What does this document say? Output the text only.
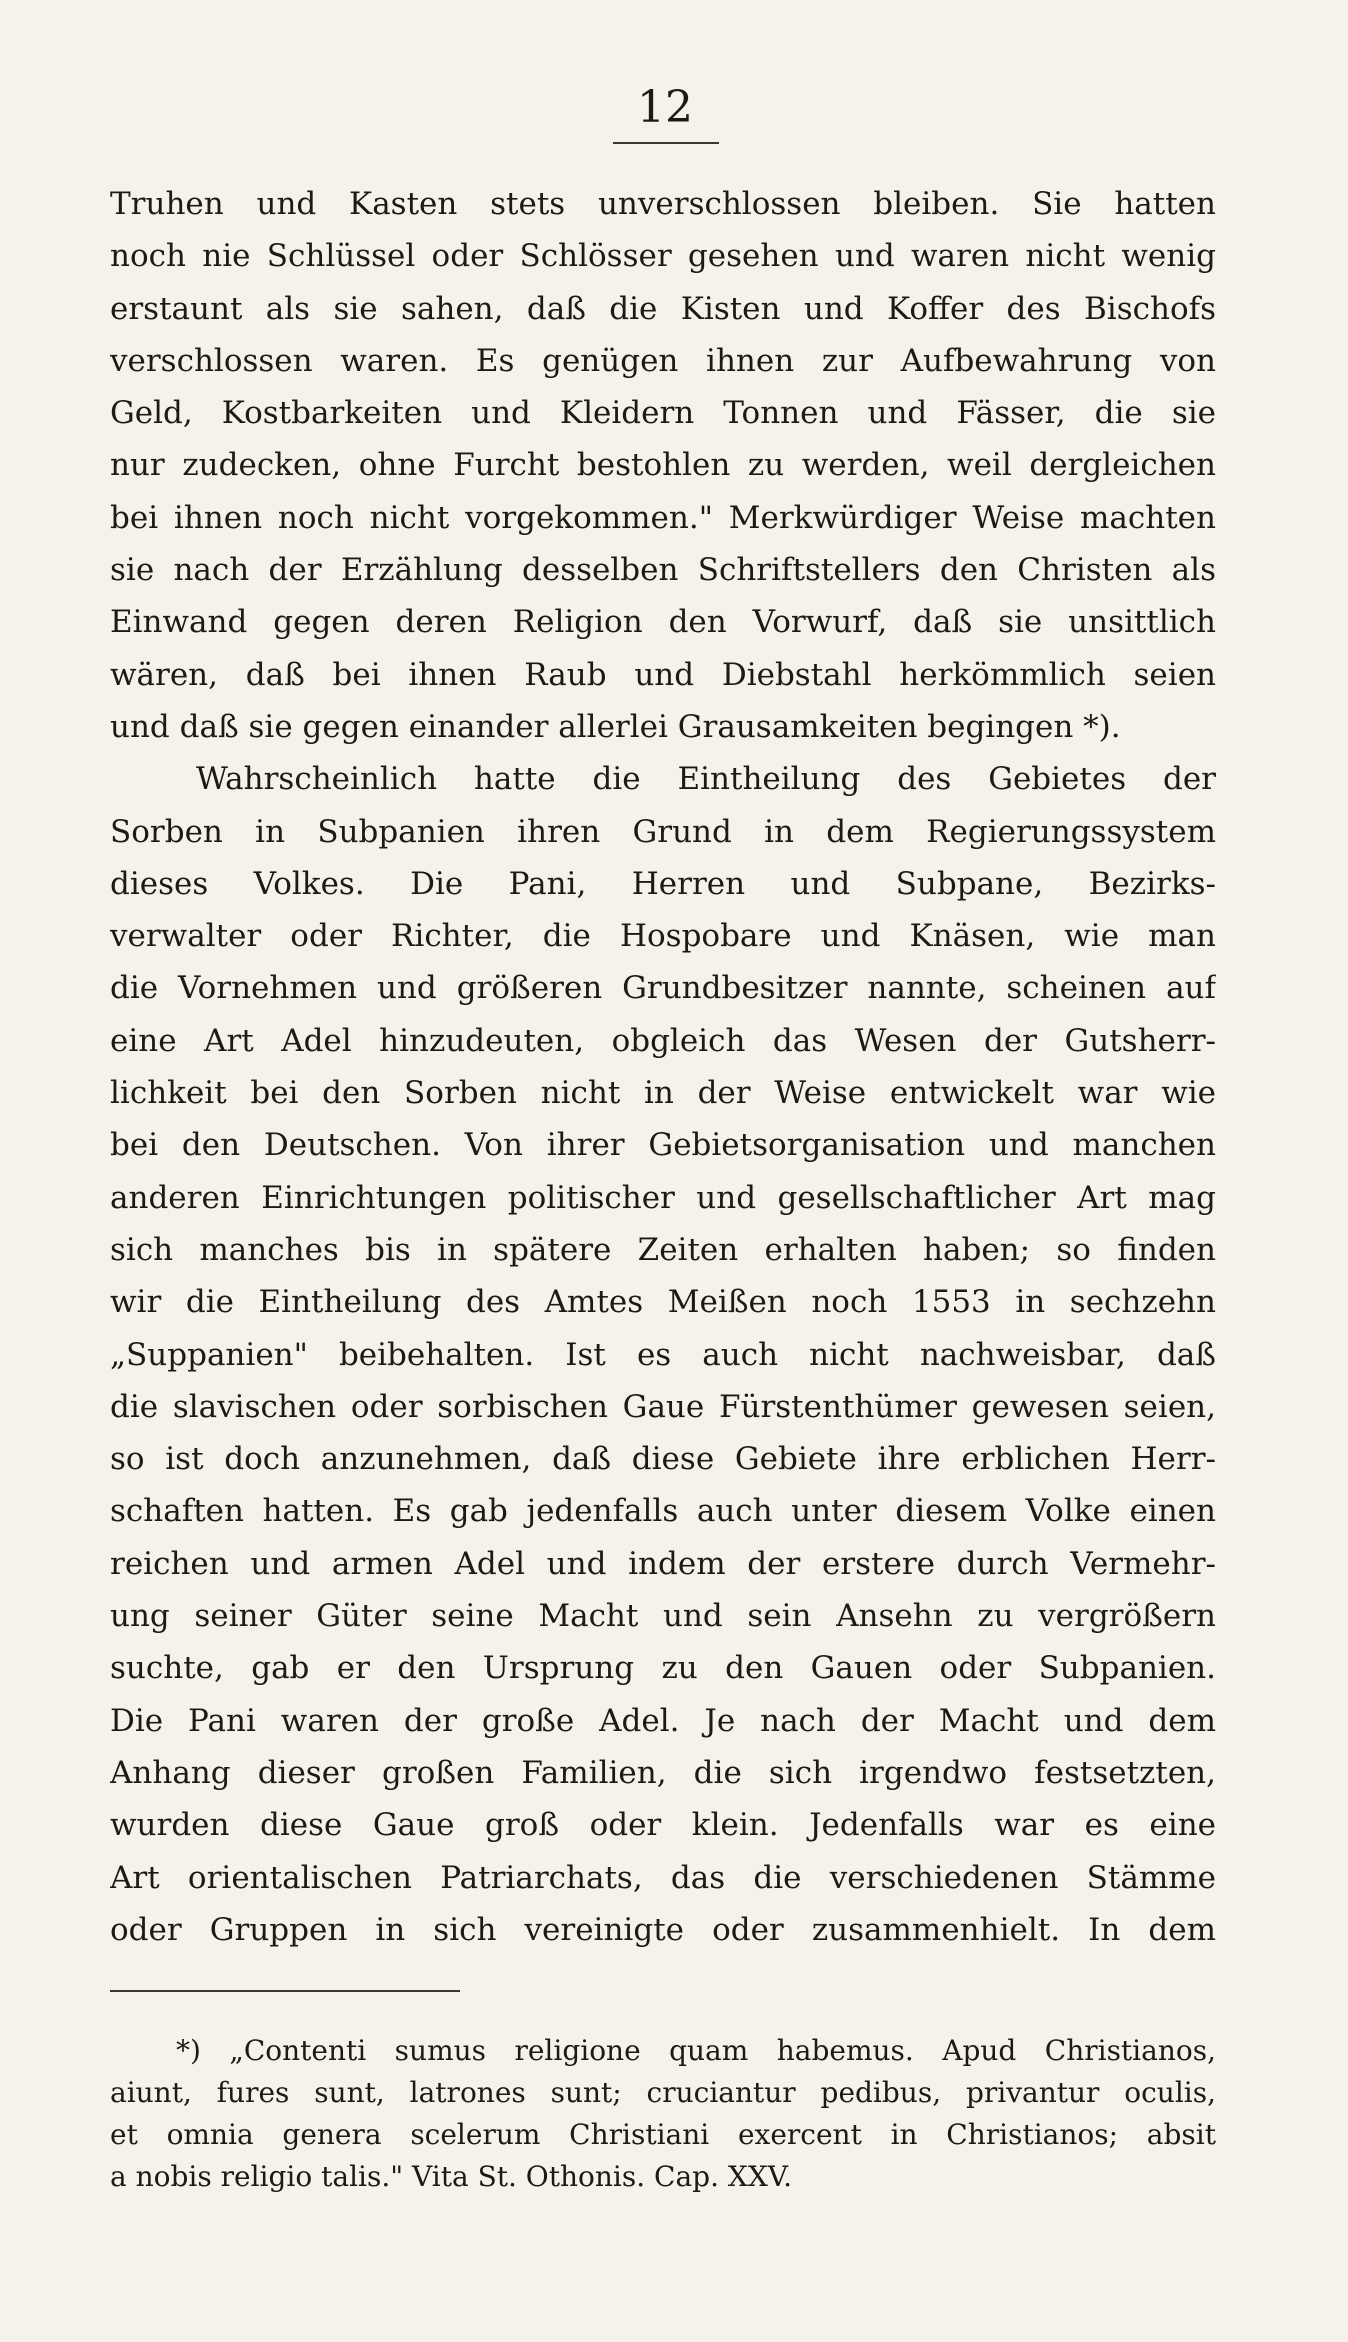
12
Truhen und Kasten stets unverschlossen bleiben. Sie hatten
noch nie Schlüssel oder Schlösser gesehen und waren nicht wenig
erstaunt als sie sahen, daß die Kisten und Koffer des Bischofs
verschlossen waren. Es genügen ihnen zur Aufbewahrung von
Geld, Kostbarkeiten und Kleidern Tonnen und Fässer, die sie
nur zudecken, ohne Furcht bestohlen zu werden, weil dergleichen
bei ihnen noch nicht vorgekommen." Merkwürdiger Weise machten
sie nach der Erzählung desselben Schriftstellers den Christen als
Einwand gegen deren Religion den Vorwurf, daß sie unsittlich
wären, daß bei ihnen Raub und Diebstahl herkömmlich seien
und daß sie gegen einander allerlei Grausamkeiten begingen *).
Wahrscheinlich hatte die Eintheilung des Gebietes der
Sorben in Subpanien ihren Grund in dem Regierungssystem
dieses Volkes. Die Pani, Herren und Subpane, Bezirks-
verwalter oder Richter, die Hospobare und Knäsen, wie man
die Vornehmen und größeren Grundbesitzer nannte, scheinen auf
eine Art Adel hinzudeuten, obgleich das Wesen der Gutsherr-
lichkeit bei den Sorben nicht in der Weise entwickelt war wie
bei den Deutschen. Von ihrer Gebietsorganisation und manchen
anderen Einrichtungen politischer und gesellschaftlicher Art mag
sich manches bis in spätere Zeiten erhalten haben; so finden
wir die Eintheilung des Amtes Meißen noch 1553 in sechzehn
„Suppanien" beibehalten. Ist es auch nicht nachweisbar, daß
die slavischen oder sorbischen Gaue Fürstenthümer gewesen seien,
so ist doch anzunehmen, daß diese Gebiete ihre erblichen Herr-
schaften hatten. Es gab jedenfalls auch unter diesem Volke einen
reichen und armen Adel und indem der erstere durch Vermehr-
ung seiner Güter seine Macht und sein Ansehn zu vergrößern
suchte, gab er den Ursprung zu den Gauen oder Subpanien.
Die Pani waren der große Adel. Je nach der Macht und dem
Anhang dieser großen Familien, die sich irgendwo festsetzten,
wurden diese Gaue groß oder klein. Jedenfalls war es eine
Art orientalischen Patriarchats, das die verschiedenen Stämme
oder Gruppen in sich vereinigte oder zusammenhielt. In dem
*) „Contenti sumus religione quam habemus. Apud Christianos,
aiunt, fures sunt, latrones sunt; cruciantur pedibus, privantur oculis,
et omnia genera scelerum Christiani exercent in Christianos; absit
a nobis religio talis." Vita St. Othonis. Cap. XXV.
